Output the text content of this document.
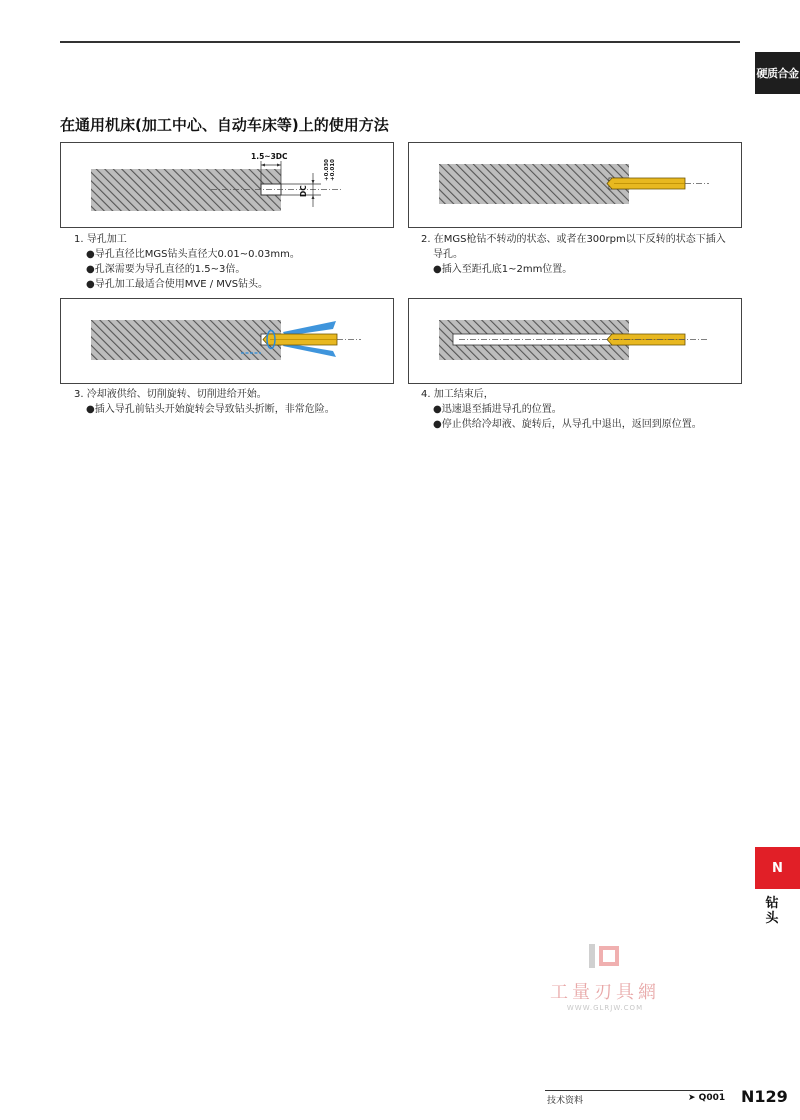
硬质合金
在通用机床(加工中心、自动车床等)上的使用方法
1.5~3DC
DC
+0.030 +0.010
1. 导孔加工
●导孔直径比MGS钻头直径大0.01~0.03mm。
●孔深需要为导孔直径的1.5~3倍。
●导孔加工最适合使用MVE / MVS钻头。
2. 在MGS枪钻不转动的状态、或者在300rpm以下反转的状态下插入
导孔。
●插入至距孔底1~2mm位置。
3. 冷却液供给、切削旋转、切削进给开始。
●插入导孔前钻头开始旋转会导致钻头折断，非常危险。
4. 加工结束后，
●迅速退至插进导孔的位置。
●停止供给冷却液、旋转后，从导孔中退出，返回到原位置。
N
钻头
工量刃具網
WWW.GLRJW.COM
技术资料	➤ Q001 N129
